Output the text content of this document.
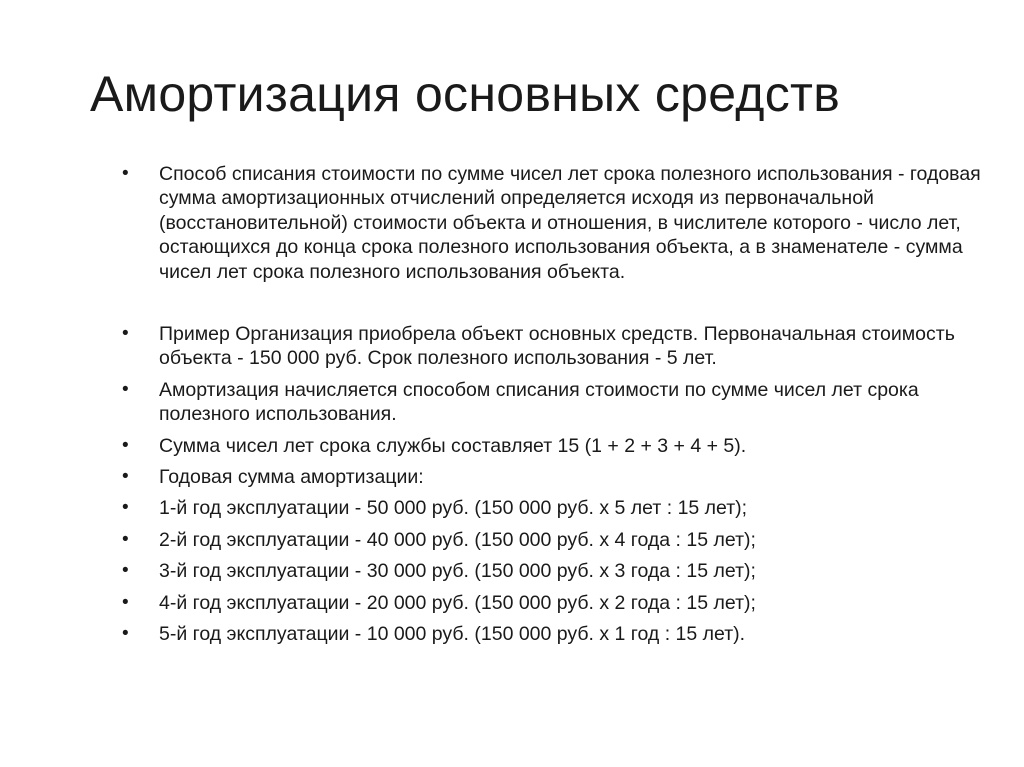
Амортизация основных средств
•	Способ списания стоимости по сумме чисел лет срока полезного использования - годовая сумма амортизационных отчислений определяется исходя из первоначальной (восстановительной) стоимости объекта и отношения, в числителе которого - число лет, остающихся до конца срока полезного использования объекта, а в знаменателе - сумма чисел лет срока полезного использования объекта.
•	Пример Организация приобрела объект основных средств. Первоначальная стоимость объекта - 150 000 руб. Срок полезного использования - 5 лет.
•	Амортизация начисляется способом списания стоимости по сумме чисел лет срока полезного использования.
•	Сумма чисел лет срока службы составляет 15 (1 + 2 + 3 + 4 + 5).
•	Годовая сумма амортизации:
•	1-й год эксплуатации - 50 000 руб. (150 000 руб. х 5 лет : 15 лет);
•	2-й год эксплуатации - 40 000 руб. (150 000 руб. х 4 года : 15 лет);
•	3-й год эксплуатации - 30 000 руб. (150 000 руб. х 3 года : 15 лет);
•	4-й год эксплуатации - 20 000 руб. (150 000 руб. х 2 года : 15 лет);
•	5-й год эксплуатации - 10 000 руб. (150 000 руб. х 1 год : 15 лет).
